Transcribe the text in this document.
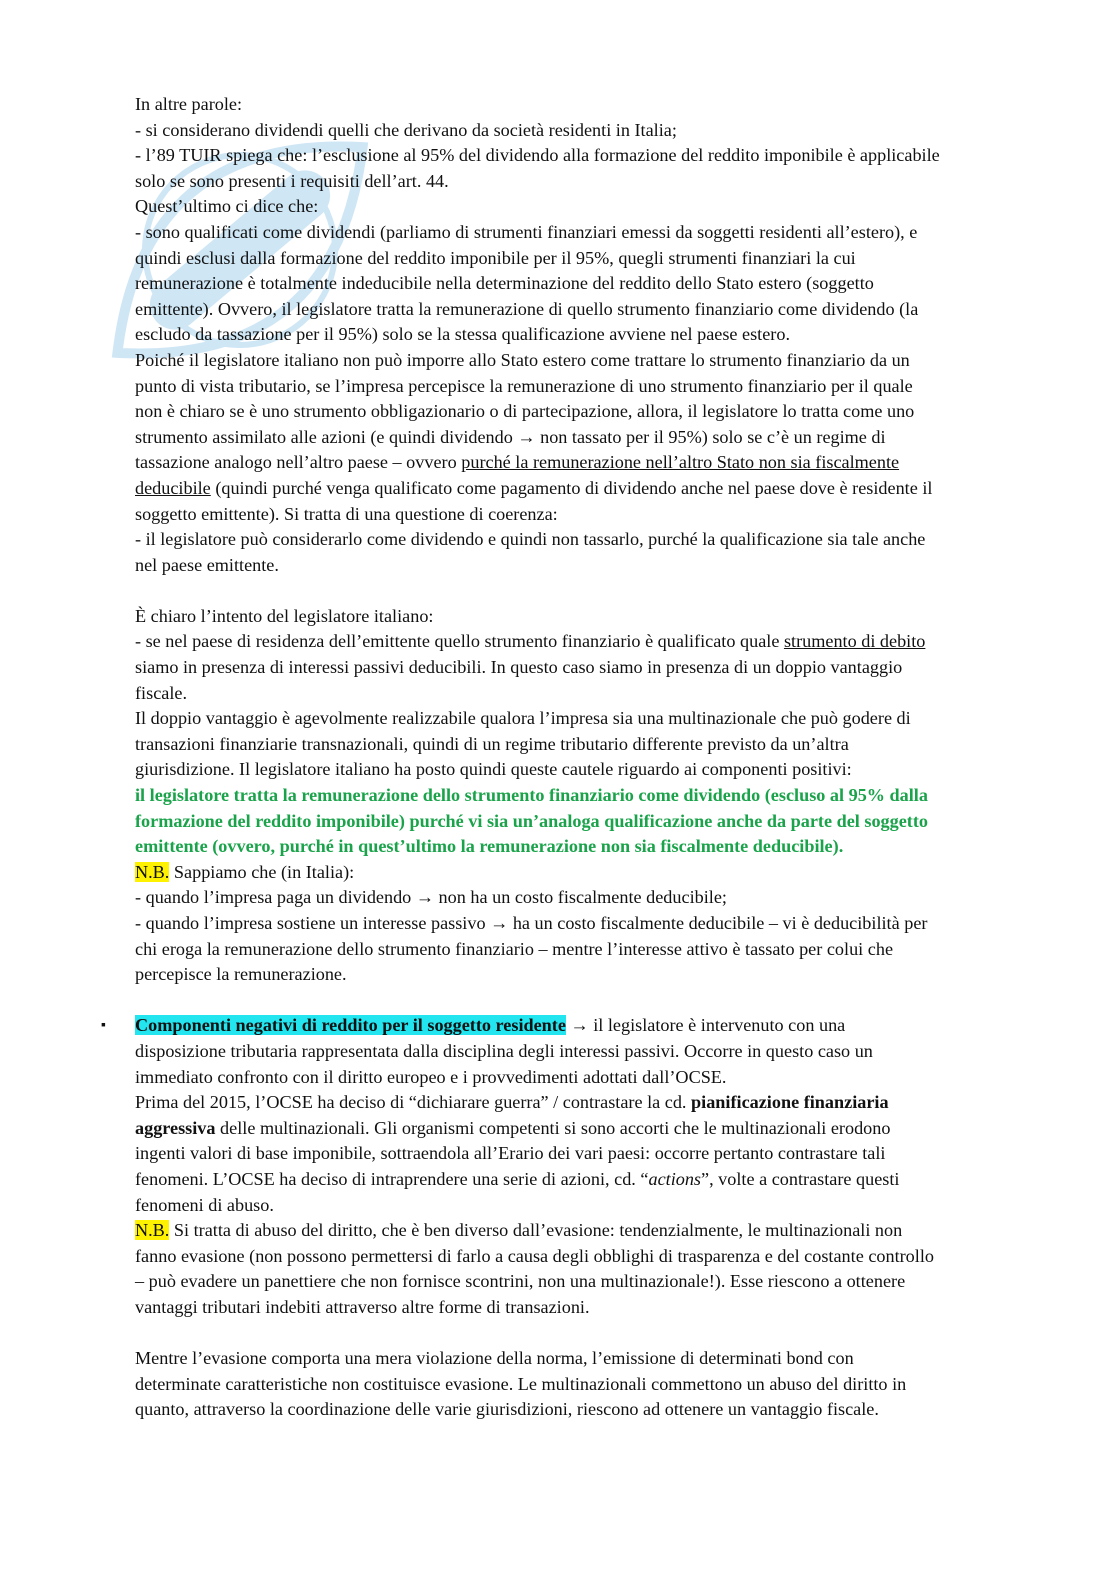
In altre parole:
- si considerano dividendi quelli che derivano da società residenti in Italia;
- l’89 TUIR spiega che: l’esclusione al 95% del dividendo alla formazione del reddito imponibile è applicabile
solo se sono presenti i requisiti dell’art. 44.
Quest’ultimo ci dice che:
- sono qualificati come dividendi (parliamo di strumenti finanziari emessi da soggetti residenti all’estero), e
quindi esclusi dalla formazione del reddito imponibile per il 95%, quegli strumenti finanziari la cui
remunerazione è totalmente indeducibile nella determinazione del reddito dello Stato estero (soggetto
emittente). Ovvero, il legislatore tratta la remunerazione di quello strumento finanziario come dividendo (la
escludo da tassazione per il 95%) solo se la stessa qualificazione avviene nel paese estero.
Poiché il legislatore italiano non può imporre allo Stato estero come trattare lo strumento finanziario da un
punto di vista tributario, se l’impresa percepisce la remunerazione di uno strumento finanziario per il quale
non è chiaro se è uno strumento obbligazionario o di partecipazione, allora, il legislatore lo tratta come uno
strumento assimilato alle azioni (e quindi dividendo → non tassato per il 95%) solo se c’è un regime di
tassazione analogo nell’altro paese – ovvero purché la remunerazione nell’altro Stato non sia fiscalmente
deducibile (quindi purché venga qualificato come pagamento di dividendo anche nel paese dove è residente il
soggetto emittente). Si tratta di una questione di coerenza:
- il legislatore può considerarlo come dividendo e quindi non tassarlo, purché la qualificazione sia tale anche
nel paese emittente.
È chiaro l’intento del legislatore italiano:
- se nel paese di residenza dell’emittente quello strumento finanziario è qualificato quale strumento di debito
siamo in presenza di interessi passivi deducibili. In questo caso siamo in presenza di un doppio vantaggio
fiscale.
Il doppio vantaggio è agevolmente realizzabile qualora l’impresa sia una multinazionale che può godere di
transazioni finanziarie transnazionali, quindi di un regime tributario differente previsto da un’altra
giurisdizione. Il legislatore italiano ha posto quindi queste cautele riguardo ai componenti positivi:
il legislatore tratta la remunerazione dello strumento finanziario come dividendo (escluso al 95% dalla
formazione del reddito imponibile) purché vi sia un’analoga qualificazione anche da parte del soggetto
emittente (ovvero, purché in quest’ultimo la remunerazione non sia fiscalmente deducibile).
N.B. Sappiamo che (in Italia):
- quando l’impresa paga un dividendo → non ha un costo fiscalmente deducibile;
- quando l’impresa sostiene un interesse passivo → ha un costo fiscalmente deducibile – vi è deducibilità per
chi eroga la remunerazione dello strumento finanziario – mentre l’interesse attivo è tassato per colui che
percepisce la remunerazione.
▪ Componenti negativi di reddito per il soggetto residente → il legislatore è intervenuto con una
disposizione tributaria rappresentata dalla disciplina degli interessi passivi. Occorre in questo caso un
immediato confronto con il diritto europeo e i provvedimenti adottati dall’OCSE.
Prima del 2015, l’OCSE ha deciso di “dichiarare guerra” / contrastare la cd. pianificazione finanziaria
aggressiva delle multinazionali. Gli organismi competenti si sono accorti che le multinazionali erodono
ingenti valori di base imponibile, sottraendola all’Erario dei vari paesi: occorre pertanto contrastare tali
fenomeni. L’OCSE ha deciso di intraprendere una serie di azioni, cd. “actions”, volte a contrastare questi
fenomeni di abuso.
N.B. Si tratta di abuso del diritto, che è ben diverso dall’evasione: tendenzialmente, le multinazionali non
fanno evasione (non possono permettersi di farlo a causa degli obblighi di trasparenza e del costante controllo
– può evadere un panettiere che non fornisce scontrini, non una multinazionale!). Esse riescono a ottenere
vantaggi tributari indebiti attraverso altre forme di transazioni.
Mentre l’evasione comporta una mera violazione della norma, l’emissione di determinati bond con
determinate caratteristiche non costituisce evasione. Le multinazionali commettono un abuso del diritto in
quanto, attraverso la coordinazione delle varie giurisdizioni, riescono ad ottenere un vantaggio fiscale.
